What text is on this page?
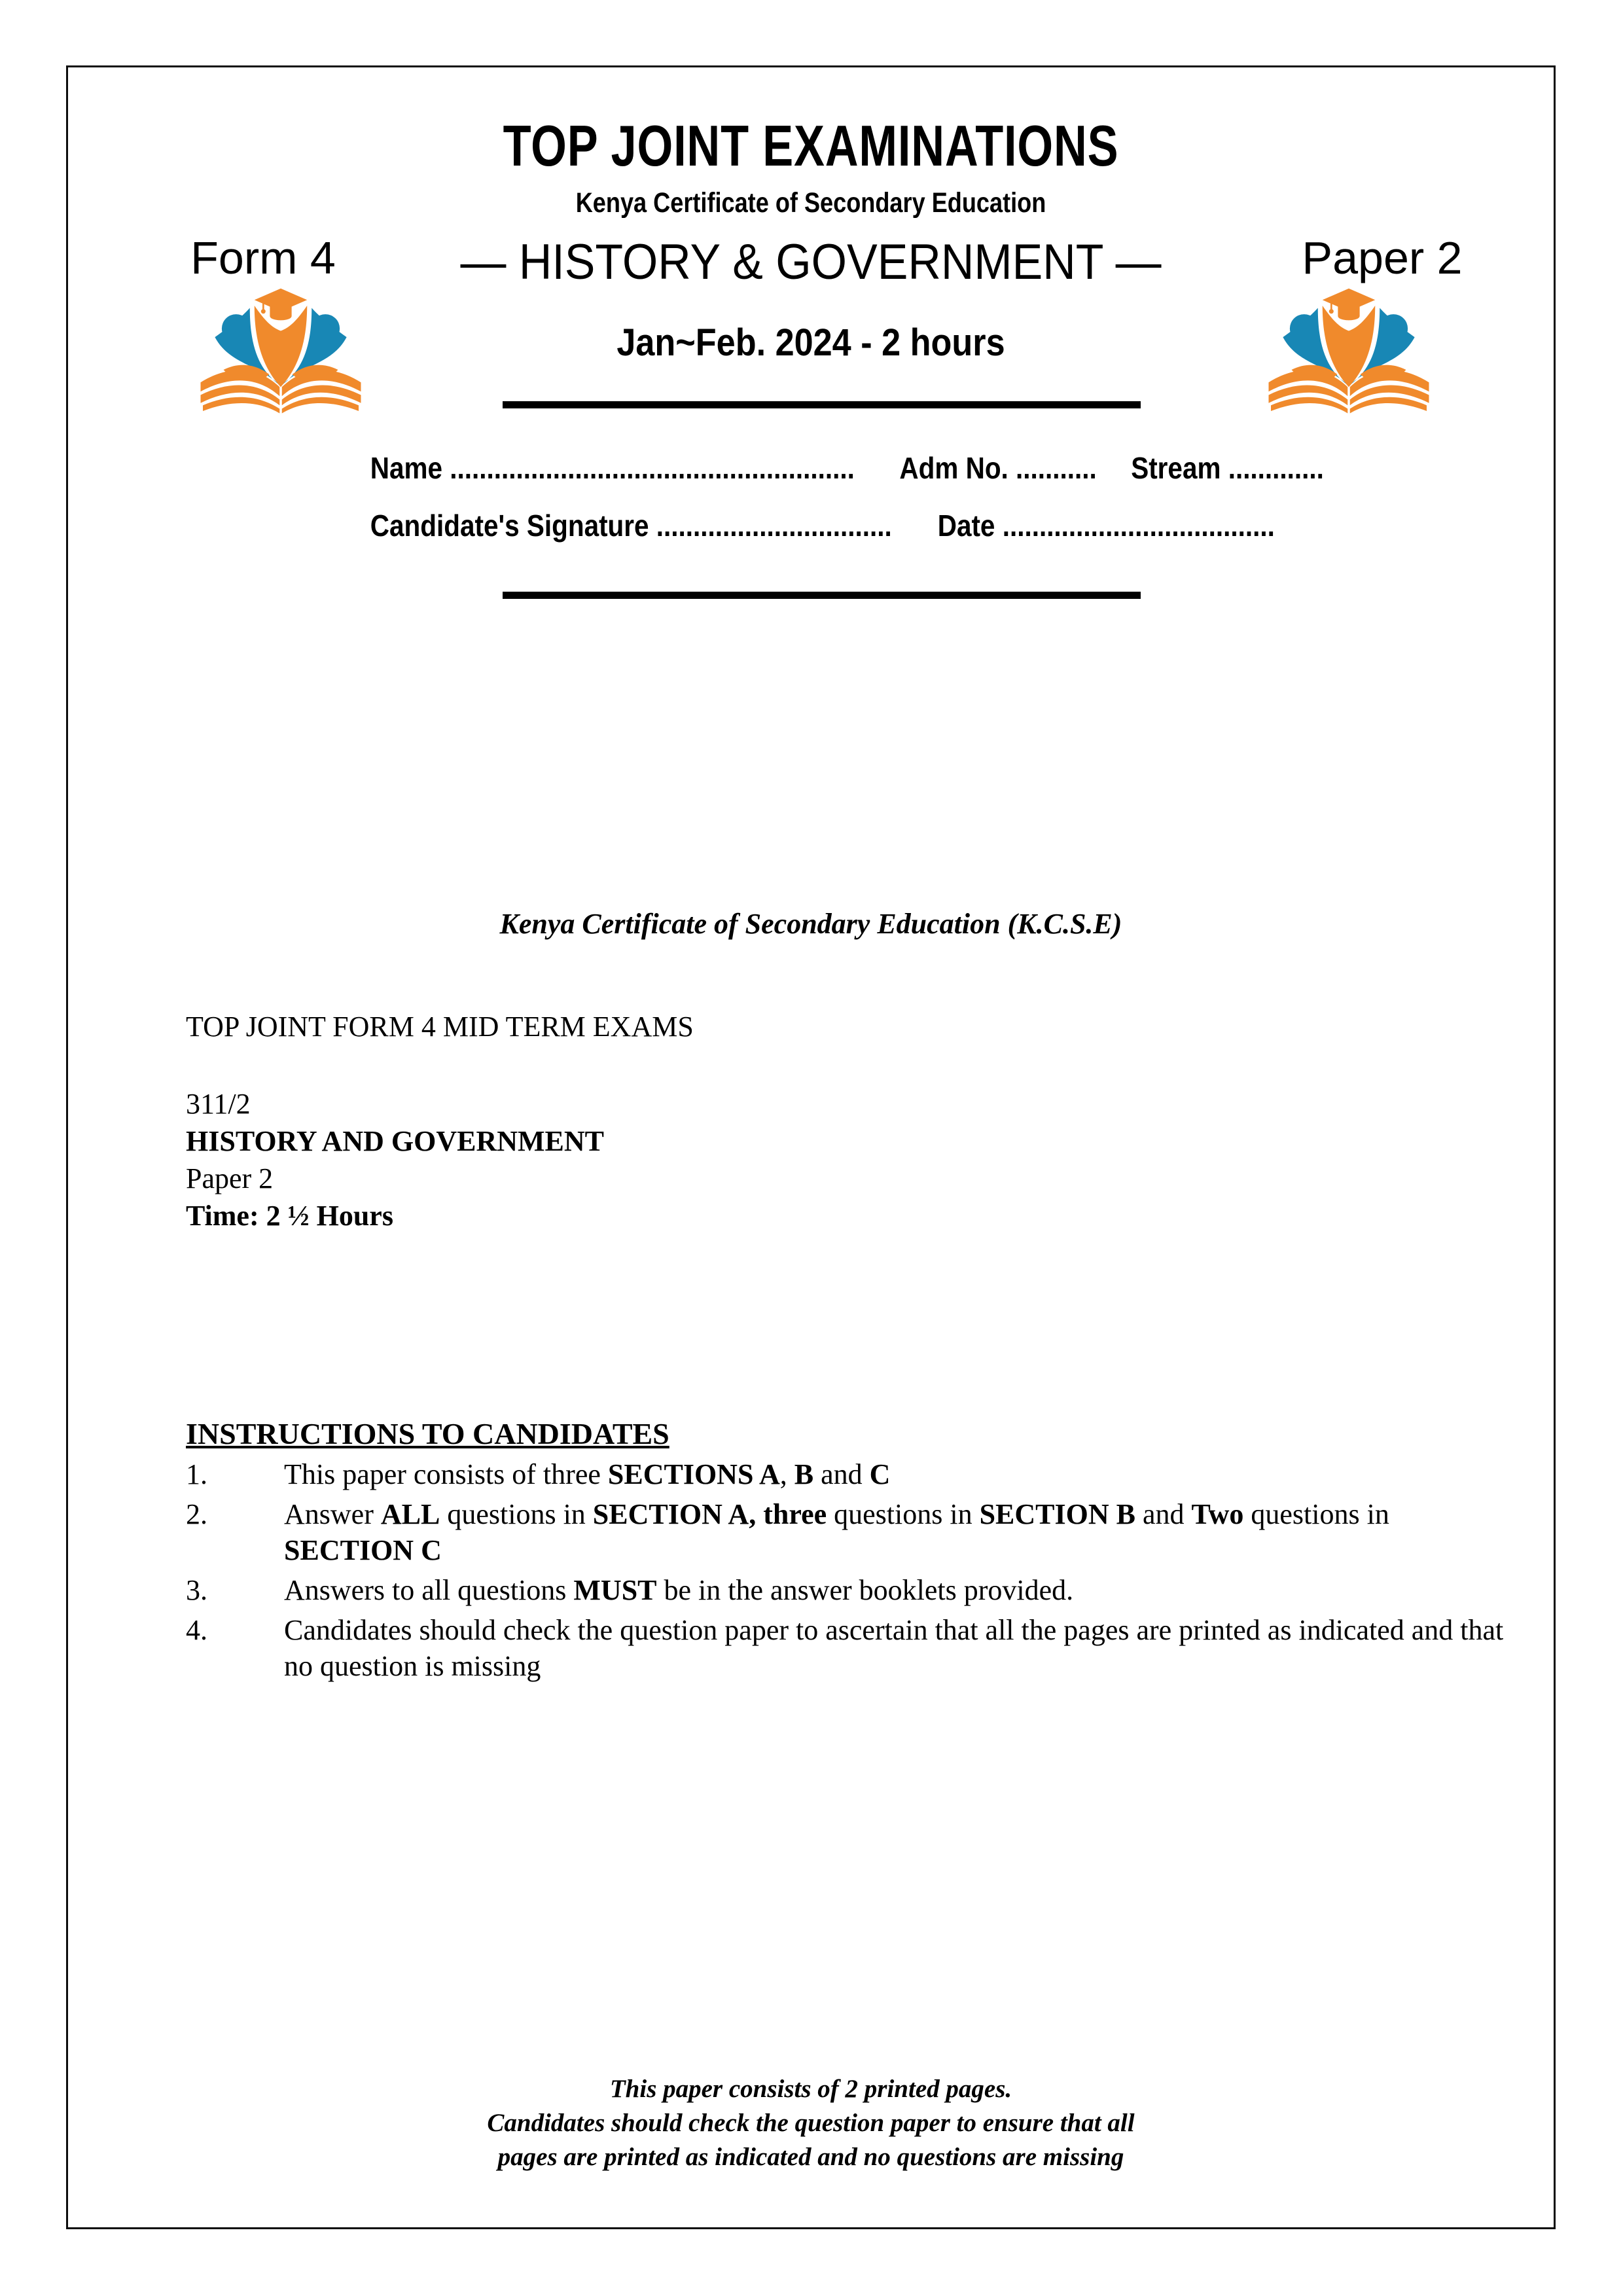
TOP JOINT EXAMINATIONS
Kenya Certificate of Secondary Education
Form 4	— HISTORY & GOVERNMENT —	Paper 2
Jan~Feb. 2024 - 2 hours
Name ....................................................... Adm No. ........... Stream .............
Candidate's Signature ................................ Date .....................................
Kenya Certificate of Secondary Education (K.C.S.E)
TOP JOINT FORM 4 MID TERM EXAMS
311/2
HISTORY AND GOVERNMENT
Paper 2
Time: 2 ½ Hours
INSTRUCTIONS TO CANDIDATES
1.	This paper consists of three SECTIONS A, B and C
2.	Answer ALL questions in SECTION A, three questions in SECTION B and Two questions in SECTION C
3.	Answers to all questions MUST be in the answer booklets provided.
4.	Candidates should check the question paper to ascertain that all the pages are printed as indicated and that no question is missing
This paper consists of 2 printed pages.
Candidates should check the question paper to ensure that all
pages are printed as indicated and no questions are missing
